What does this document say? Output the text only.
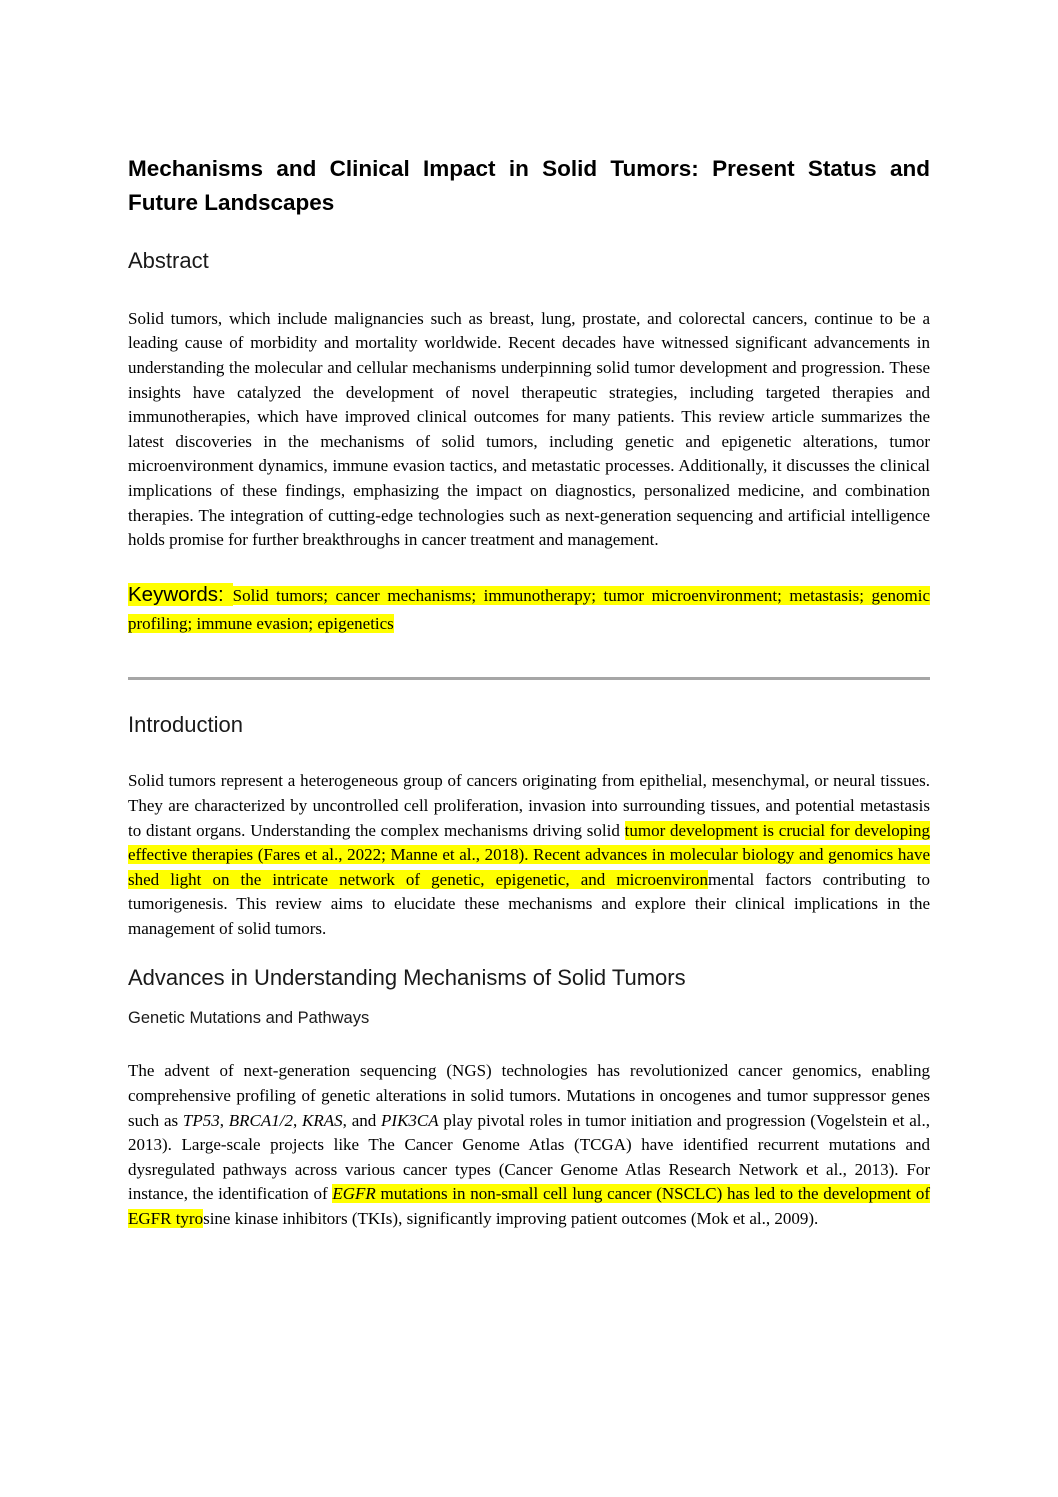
Mechanisms and Clinical Impact in Solid Tumors: Present Status and Future Landscapes
Abstract

Solid tumors, which include malignancies such as breast, lung, prostate, and colorectal cancers, continue to be a leading cause of morbidity and mortality worldwide. Recent decades have witnessed significant advancements in understanding the molecular and cellular mechanisms underpinning solid tumor development and progression. These insights have catalyzed the development of novel therapeutic strategies, including targeted therapies and immunotherapies, which have improved clinical outcomes for many patients. This review article summarizes the latest discoveries in the mechanisms of solid tumors, including genetic and epigenetic alterations, tumor microenvironment dynamics, immune evasion tactics, and metastatic processes. Additionally, it discusses the clinical implications of these findings, emphasizing the impact on diagnostics, personalized medicine, and combination therapies. The integration of cutting-edge technologies such as next-generation sequencing and artificial intelligence holds promise for further breakthroughs in cancer treatment and management.

Keywords: Solid tumors; cancer mechanisms; immunotherapy; tumor microenvironment; metastasis; genomic profiling; immune evasion; epigenetics

Introduction

Solid tumors represent a heterogeneous group of cancers originating from epithelial, mesenchymal, or neural tissues. They are characterized by uncontrolled cell proliferation, invasion into surrounding tissues, and potential metastasis to distant organs. Understanding the complex mechanisms driving solid tumor development is crucial for developing effective therapies (Fares et al., 2022; Manne et al., 2018). Recent advances in molecular biology and genomics have shed light on the intricate network of genetic, epigenetic, and microenvironmental factors contributing to tumorigenesis. This review aims to elucidate these mechanisms and explore their clinical implications in the management of solid tumors.

Advances in Understanding Mechanisms of Solid Tumors
Genetic Mutations and Pathways

The advent of next-generation sequencing (NGS) technologies has revolutionized cancer genomics, enabling comprehensive profiling of genetic alterations in solid tumors. Mutations in oncogenes and tumor suppressor genes such as TP53, BRCA1/2, KRAS, and PIK3CA play pivotal roles in tumor initiation and progression (Vogelstein et al., 2013). Large-scale projects like The Cancer Genome Atlas (TCGA) have identified recurrent mutations and dysregulated pathways across various cancer types (Cancer Genome Atlas Research Network et al., 2013). For instance, the identification of EGFR mutations in non-small cell lung cancer (NSCLC) has led to the development of EGFR tyrosine kinase inhibitors (TKIs), significantly improving patient outcomes (Mok et al., 2009).
